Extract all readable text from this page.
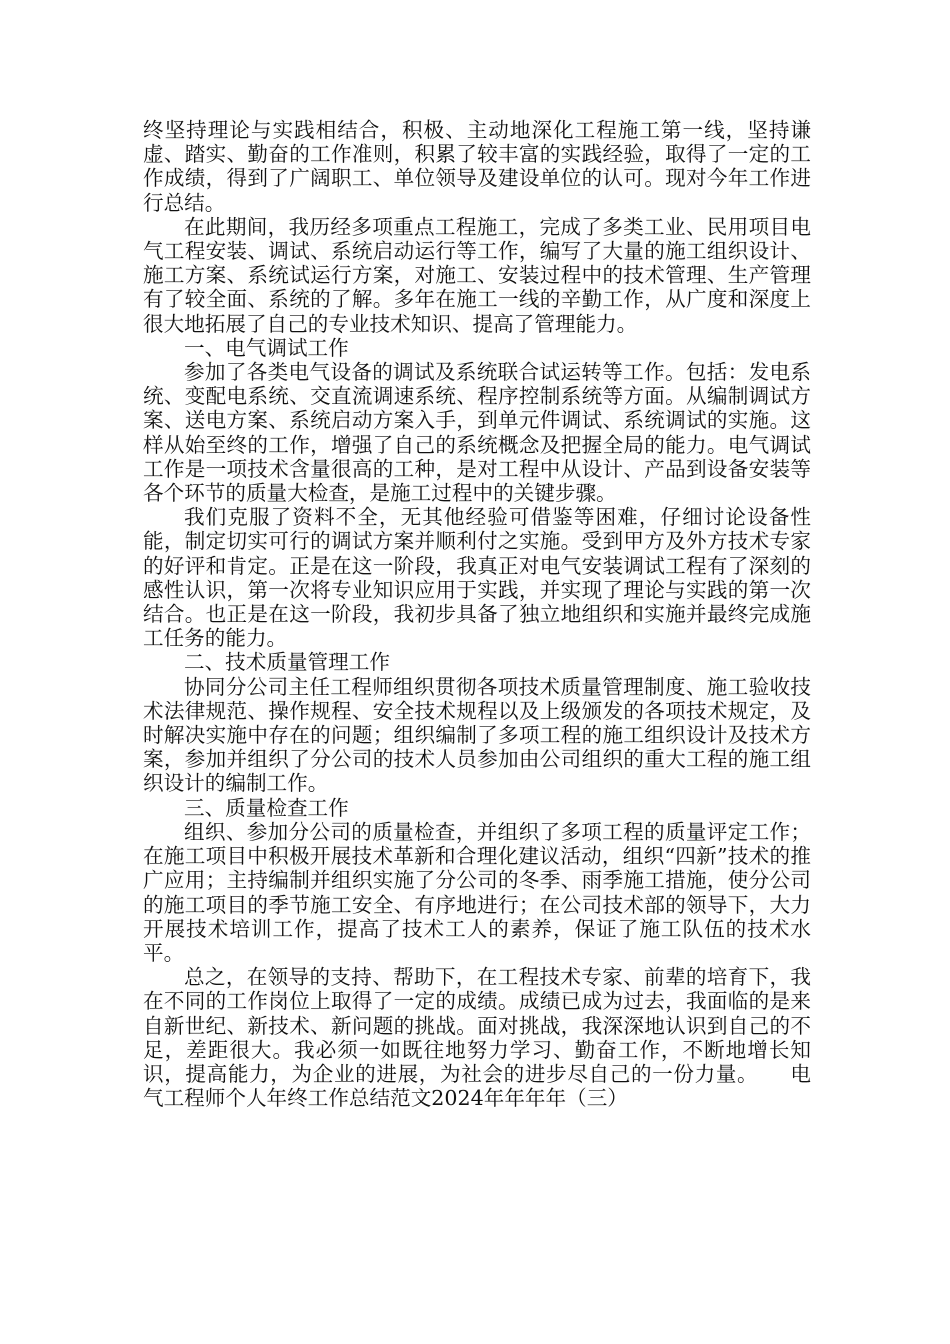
终坚持理论与实践相结合，积极、主动地深化工程施工第一线，坚持谦虚、踏实、勤奋的工作准则，积累了较丰富的实践经验，取得了一定的工作成绩，得到了广阔职工、单位领导及建设单位的认可。现对今年工作进行总结。

在此期间，我历经多项重点工程施工，完成了多类工业、民用项目电气工程安装、调试、系统启动运行等工作，编写了大量的施工组织设计、施工方案、系统试运行方案，对施工、安装过程中的技术管理、生产管理有了较全面、系统的了解。多年在施工一线的辛勤工作，从广度和深度上很大地拓展了自己的专业技术知识、提高了管理能力。

一、电气调试工作

参加了各类电气设备的调试及系统联合试运转等工作。包括：发电系统、变配电系统、交直流调速系统、程序控制系统等方面。从编制调试方案、送电方案、系统启动方案入手，到单元件调试、系统调试的实施。这样从始至终的工作，增强了自己的系统概念及把握全局的能力。电气调试工作是一项技术含量很高的工种，是对工程中从设计、产品到设备安装等各个环节的质量大检查，是施工过程中的关键步骤。

我们克服了资料不全，无其他经验可借鉴等困难，仔细讨论设备性能，制定切实可行的调试方案并顺利付之实施。受到甲方及外方技术专家的好评和肯定。正是在这一阶段，我真正对电气安装调试工程有了深刻的感性认识，第一次将专业知识应用于实践，并实现了理论与实践的第一次结合。也正是在这一阶段，我初步具备了独立地组织和实施并最终完成施工任务的能力。

二、技术质量管理工作

协同分公司主任工程师组织贯彻各项技术质量管理制度、施工验收技术法律规范、操作规程、安全技术规程以及上级颁发的各项技术规定，及时解决实施中存在的问题；组织编制了多项工程的施工组织设计及技术方案，参加并组织了分公司的技术人员参加由公司组织的重大工程的施工组织设计的编制工作。

三、质量检查工作

组织、参加分公司的质量检查，并组织了多项工程的质量评定工作；在施工项目中积极开展技术革新和合理化建议活动，组织“四新”技术的推广应用；主持编制并组织实施了分公司的冬季、雨季施工措施，使分公司的施工项目的季节施工安全、有序地进行；在公司技术部的领导下，大力开展技术培训工作，提高了技术工人的素养，保证了施工队伍的技术水平。

总之，在领导的支持、帮助下，在工程技术专家、前辈的培育下，我在不同的工作岗位上取得了一定的成绩。成绩已成为过去，我面临的是来自新世纪、新技术、新问题的挑战。面对挑战，我深深地认识到自己的不足，差距很大。我必须一如既往地努力学习、勤奋工作，不断地增长知识，提高能力，为企业的进展，为社会的进步尽自己的一份力量。　　电气工程师个人年终工作总结范文2024年年年年（三）
